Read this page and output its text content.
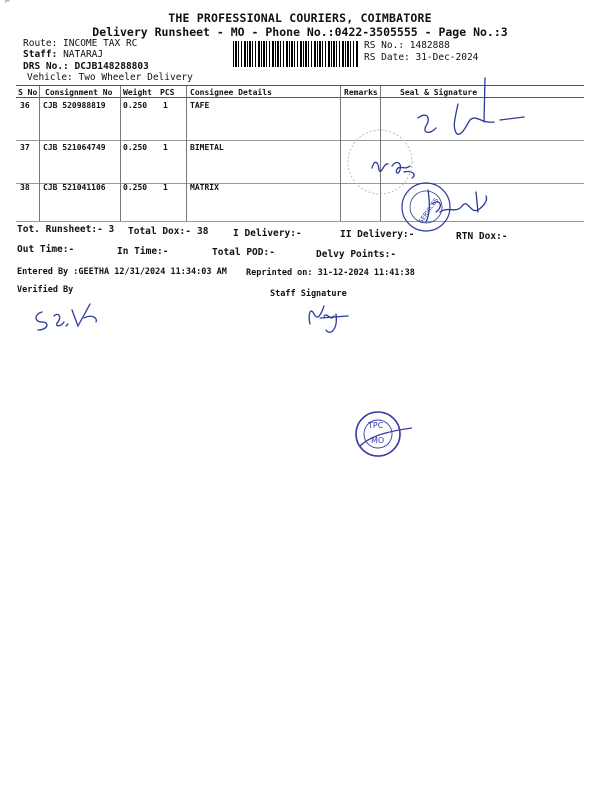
⌐
THE PROFESSIONAL COURIERS, COIMBATORE
Delivery Runsheet - MO - Phone No.:0422-3505555 - Page No.:3
Route: INCOME TAX RC
Staff: NATARAJ
DRS No.: DCJB148288803
Vehicle: Two Wheeler Delivery
RS No.: 1482888
RS Date: 31-Dec-2024
S No Consignment No Weight PCS Consignee Details	Remarks	Seal & Signature
36 CJB 520988819 0.250 1	TAFE
37 CJB 521064749 0.250 1	BIMETAL
38 CJB 521041106 0.250 1	MATRIX
Tot. Runsheet:- 3 Total Dox:- 38	I Delivery:-	II Delivery:-	RTN Dox:-
Out Time:-	In Time:-	Total POD:-	Delvy Points:-
Entered By :GEETHA 12/31/2024 11:34:03 AM Reprinted on: 31-12-2024 11:41:38
Verified By	Staff Signature
SERVICES
TPC
MO
